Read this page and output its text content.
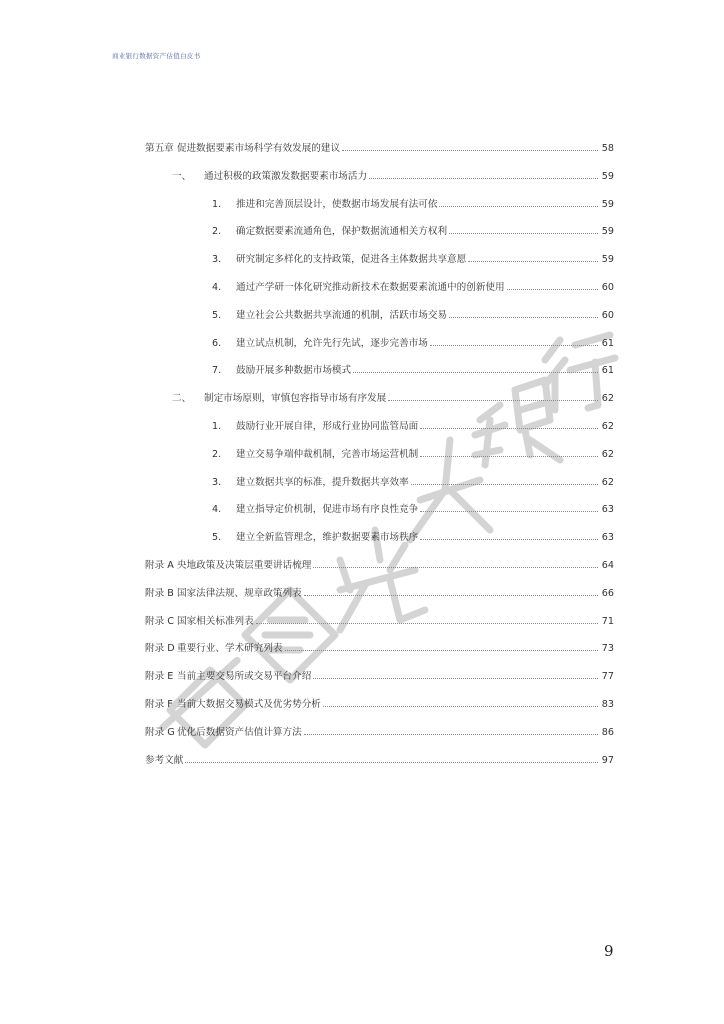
商业银行数据资产估值白皮书
第五章 促进数据要素市场科学有效发展的建议	58
一、	通过积极的政策激发数据要素市场活力	59
1.	推进和完善顶层设计，使数据市场发展有法可依	59
2.	确定数据要素流通角色，保护数据流通相关方权利	59
3.	研究制定多样化的支持政策，促进各主体数据共享意愿	59
4.	通过产学研一体化研究推动新技术在数据要素流通中的创新使用	60
5.	建立社会公共数据共享流通的机制，活跃市场交易	60
6.	建立试点机制，允许先行先试，逐步完善市场	61
7.	鼓励开展多种数据市场模式	61
二、	制定市场原则，审慎包容指导市场有序发展	62
1.	鼓励行业开展自律，形成行业协同监管局面	62
2.	建立交易争端仲裁机制，完善市场运营机制	62
3.	建立数据共享的标准，提升数据共享效率	62
4.	建立指导定价机制，促进市场有序良性竞争	63
5.	建立全新监管理念，维护数据要素市场秩序	63
附录 A 央地政策及决策层重要讲话梳理	64
附录 B 国家法律法规、规章政策列表	66
附录 C 国家相关标准列表	71
附录 D 重要行业、学术研究列表	73
附录 E 当前主要交易所或交易平台介绍	77
附录 F 当前大数据交易模式及优劣势分析	83
附录 G 优化后数据资产估值计算方法	86
参考文献	97
9
